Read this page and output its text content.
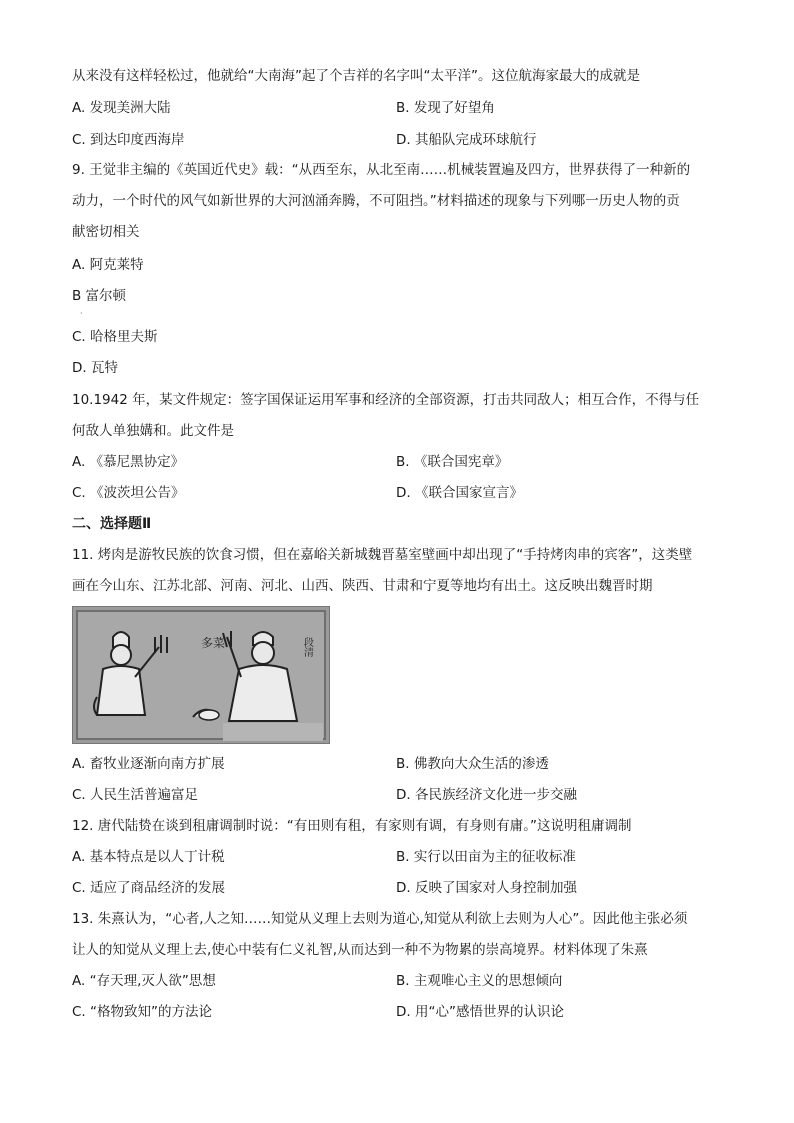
从来没有这样轻松过，他就给“大南海”起了个吉祥的名字叫“太平洋”。这位航海家最大的成就是
A. 发现美洲大陆	B. 发现了好望角
C. 到达印度西海岸	D. 其船队完成环球航行
9. 王觉非主编的《英国近代史》载：“从西至东，从北至南……机械装置遍及四方，世界获得了一种新的
动力，一个时代的风气如新世界的大河汹涌奔腾，不可阻挡。”材料描述的现象与下列哪一历史人物的贡
献密切相关
A. 阿克莱特
B 富尔顿
·
C. 哈格里夫斯
D. 瓦特
10.1942 年，某文件规定：签字国保证运用军事和经济的全部资源，打击共同敌人；相互合作，不得与任
何敌人单独媾和。此文件是
A. 《慕尼黑协定》	B. 《联合国宪章》
C. 《波茨坦公告》	D. 《联合国家宣言》
二、选择题Ⅱ
11. 烤肉是游牧民族的饮食习惯，但在嘉峪关新城魏晋墓室壁画中却出现了“手持烤肉串的宾客”，这类壁
画在今山东、江苏北部、河南、河北、山西、陕西、甘肃和宁夏等地均有出土。这反映出魏晋时期
多菜	段清
A. 畜牧业逐渐向南方扩展	B. 佛教向大众生活的渗透
C. 人民生活普遍富足	D. 各民族经济文化进一步交融
12. 唐代陆贽在谈到租庸调制时说：“有田则有租，有家则有调，有身则有庸。”这说明租庸调制
A. 基本特点是以人丁计税	B. 实行以田亩为主的征收标准
C. 适应了商品经济的发展	D. 反映了国家对人身控制加强
13. 朱熹认为，“心者,人之知……知觉从义理上去则为道心,知觉从利欲上去则为人心”。因此他主张必须
让人的知觉从义理上去,使心中装有仁义礼智,从而达到一种不为物累的崇高境界。材料体现了朱熹
A. “存天理,灭人欲”思想	B. 主观唯心主义的思想倾向
C. “格物致知”的方法论	D. 用“心”感悟世界的认识论
